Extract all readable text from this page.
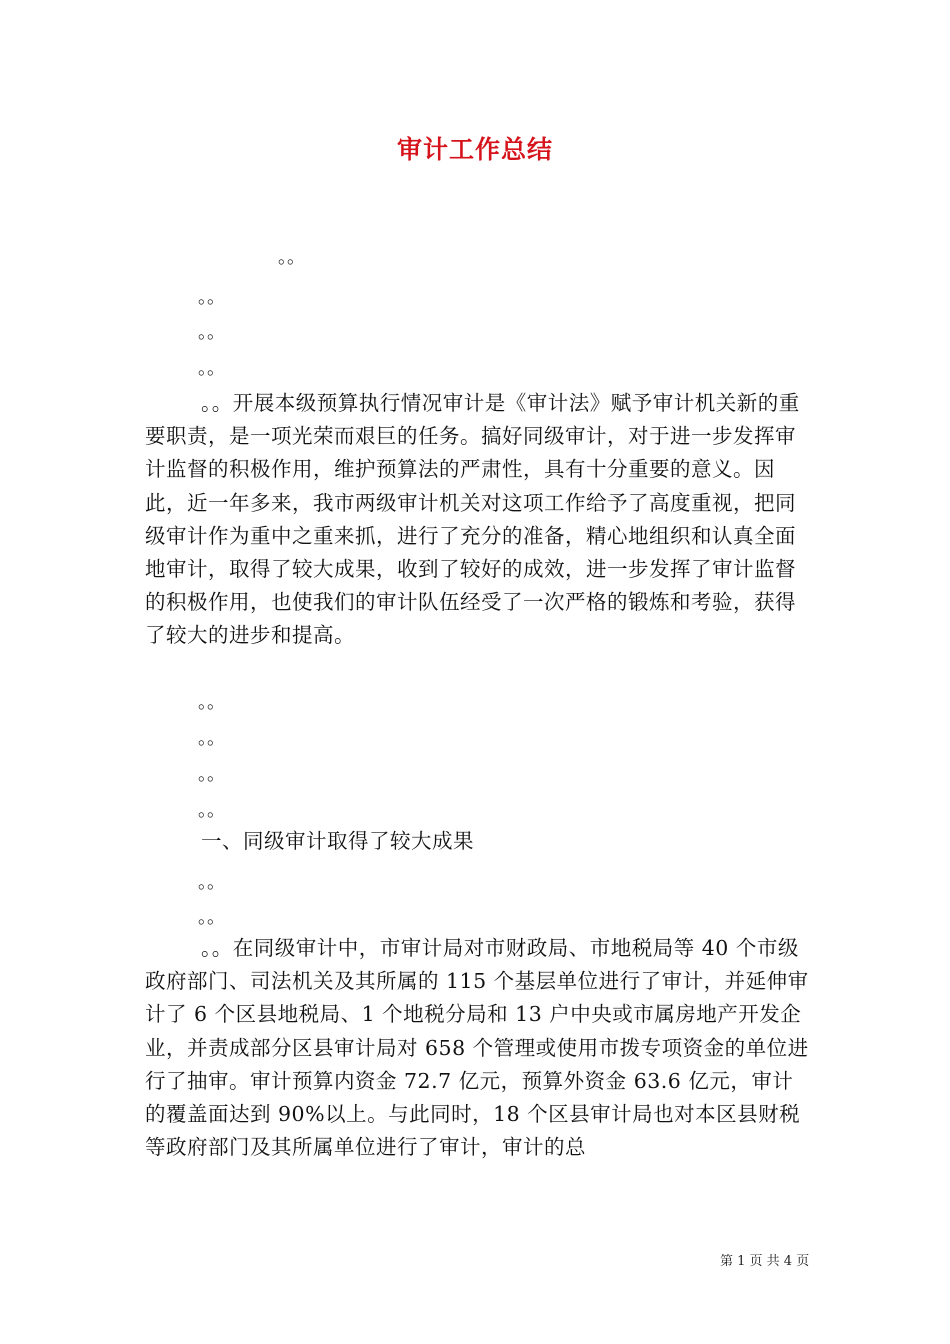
审计工作总结
。。
。。
。。
。。

。。开展本级预算执行情况审计是《审计法》赋予审计机关新的重要职责，是一项光荣而艰巨的任务。搞好同级审计，对于进一步发挥审计监督的积极作用，维护预算法的严肃性，具有十分重要的意义。因此，近一年多来，我市两级审计机关对这项工作给予了高度重视，把同级审计作为重中之重来抓，进行了充分的准备，精心地组织和认真全面地审计，取得了较大成果，收到了较好的成效，进一步发挥了审计监督的积极作用，也使我们的审计队伍经受了一次严格的锻炼和考验，获得了较大的进步和提高。

。。
。。
。。
。。
一、同级审计取得了较大成果
。。
。。

。。在同级审计中，市审计局对市财政局、市地税局等 40 个市级政府部门、司法机关及其所属的 115 个基层单位进行了审计，并延伸审计了 6 个区县地税局、1 个地税分局和 13 户中央或市属房地产开发企业，并责成部分区县审计局对 658 个管理或使用市拨专项资金的单位进行了抽审。审计预算内资金 72.7 亿元，预算外资金 63.6 亿元，审计的覆盖面达到 90%以上。与此同时，18 个区县审计局也对本区县财税等政府部门及其所属单位进行了审计，审计的总

第 1 页 共 4 页
